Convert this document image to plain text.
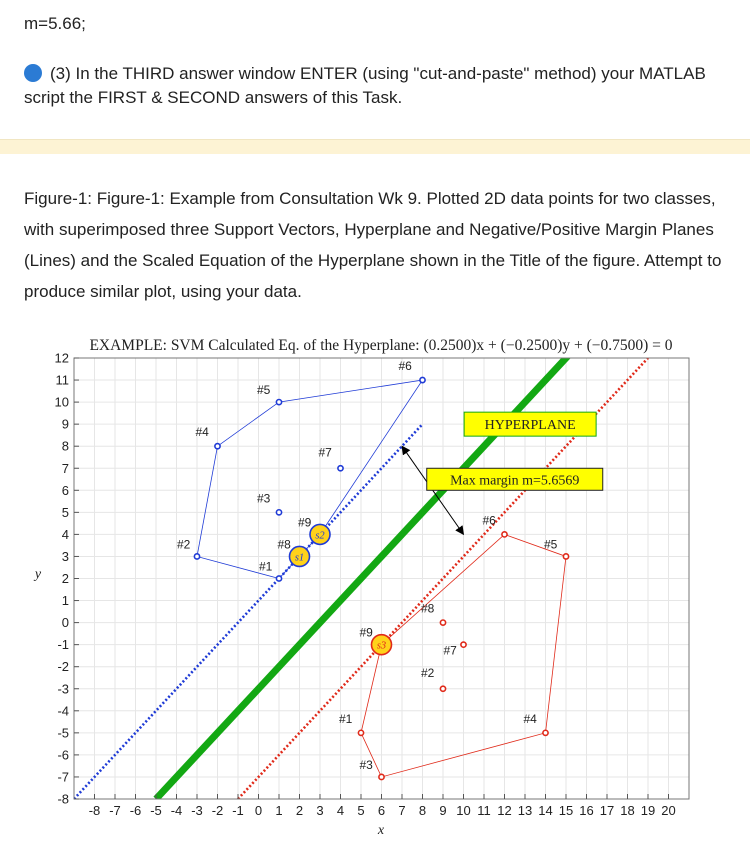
m=5.66;
(3) In the THIRD answer window ENTER (using "cut-and-paste" method) your MATLAB script the FIRST & SECOND answers of this Task.
Figure-1: Figure-1: Example from Consultation Wk 9. Plotted 2D data points for two classes, with superimposed three Support Vectors, Hyperplane and Negative/Positive Margin Planes (Lines) and the Scaled Equation of the Hyperplane shown in the Title of the figure. Attempt to produce similar plot, using your data.
#1
#2
#3
#4
#5
#6
#7
#8
#9
#1
#2
#3
#4
#5
#6
#7
#8
#9
s1
s2
s3
HYPERPLANE
Max margin m=5.6569
-8 -7 -6 -5 -4 -3 -2 -1 0 1 2 3 4 5 6 7 8 9 10 11 12 13 14 15 16 17 18 19 20
12
11
10
9
8
7
6
5
4
3
2
1
0
-1
-2
-3
-4
-5
-6
-7
-8
EXAMPLE: SVM Calculated Eq. of the Hyperplane: (0.2500)x + (−0.2500)y + (−0.7500) = 0
x
y
